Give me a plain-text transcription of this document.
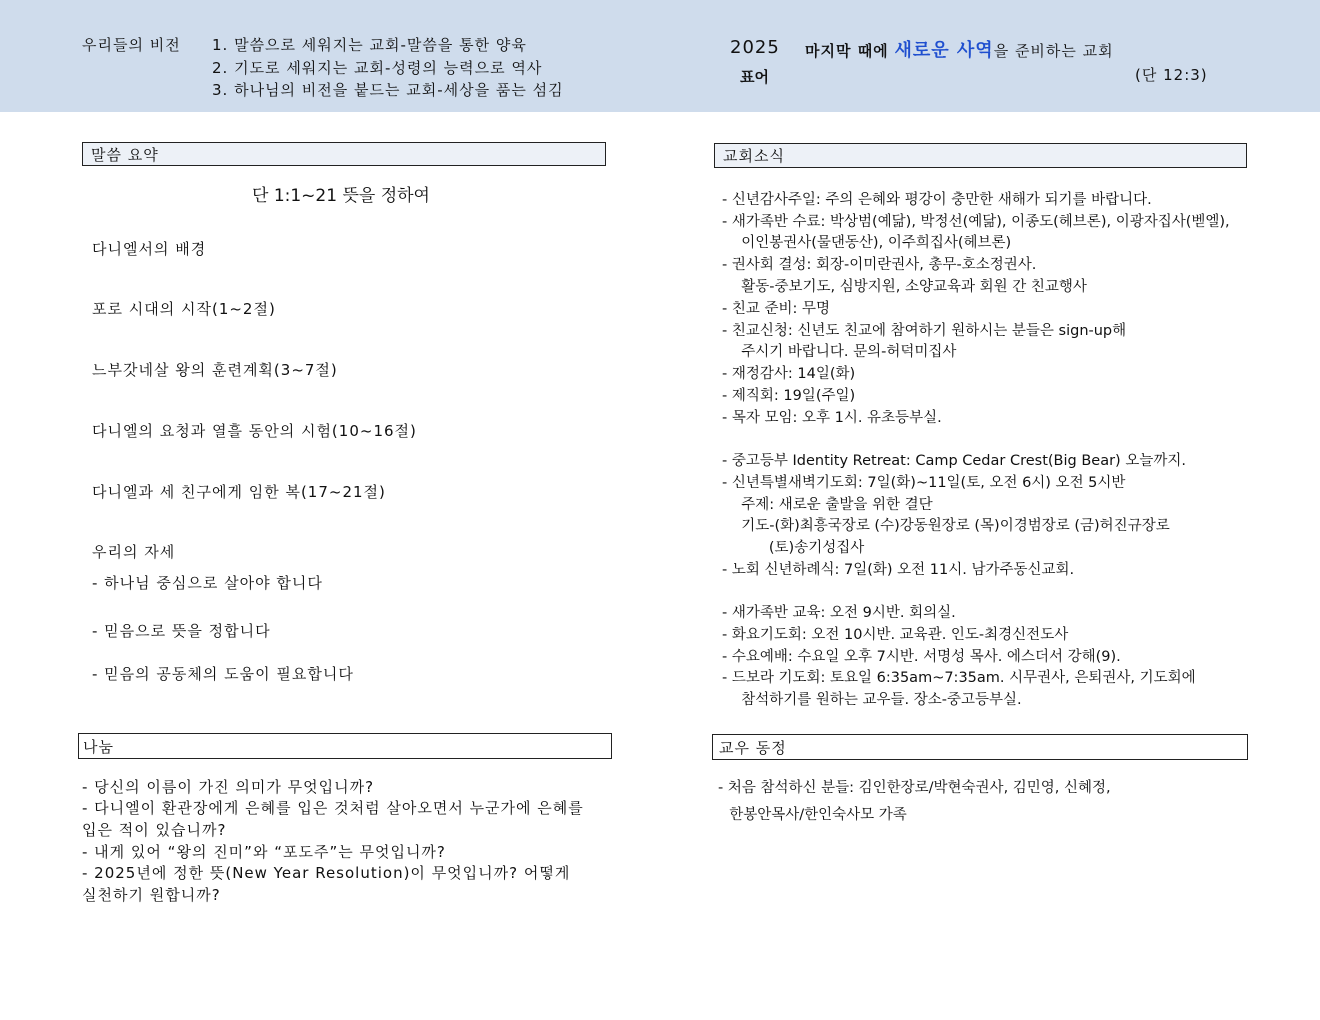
우리들의 비전 1. 말씀으로 세워지는 교회-말씀을 통한 양육
2. 기도로 세워지는 교회-성령의 능력으로 역사
3. 하나님의 비전을 붙드는 교회-세상을 품는 섬김
2025
표어
마지막 때에 새로운 사역을 준비하는 교회
(단 12:3)
말씀 요약
단 1:1~21 뜻을 정하여
다니엘서의 배경
포로 시대의 시작(1~2절)
느부갓네살 왕의 훈련계획(3~7절)
다니엘의 요청과 열흘 동안의 시험(10~16절)
다니엘과 세 친구에게 임한 복(17~21절)
우리의 자세
- 하나님 중심으로 살아야 합니다
- 믿음으로 뜻을 정합니다
- 믿음의 공동체의 도움이 필요합니다
나눔
- 당신의 이름이 가진 의미가 무엇입니까?
- 다니엘이 환관장에게 은혜를 입은 것처럼 살아오면서 누군가에 은혜를
입은 적이 있습니까?
- 내게 있어 “왕의 진미”와 “포도주”는 무엇입니까?
- 2025년에 정한 뜻(New Year Resolution)이 무엇입니까? 어떻게
실천하기 원합니까?
교회소식
- 신년감사주일: 주의 은혜와 평강이 충만한 새해가 되기를 바랍니다.
- 새가족반 수료: 박상범(예닮), 박정선(예닮), 이종도(헤브론), 이광자집사(벧엘),
이인봉권사(물댄동산), 이주희집사(헤브론)
- 권사회 결성: 회장-이미란권사, 총무-호소정권사.
활동-중보기도, 심방지원, 소양교육과 회원 간 친교행사
- 친교 준비: 무명
- 친교신청: 신년도 친교에 참여하기 원하시는 분들은 sign-up해
주시기 바랍니다. 문의-허덕미집사
- 재정감사: 14일(화)
- 제직회: 19일(주일)
- 목자 모임: 오후 1시. 유초등부실.
- 중고등부 Identity Retreat: Camp Cedar Crest(Big Bear) 오늘까지.
- 신년특별새벽기도회: 7일(화)~11일(토, 오전 6시) 오전 5시반
주제: 새로운 출발을 위한 결단
기도-(화)최흥국장로 (수)강동원장로 (목)이경범장로 (금)허진규장로
(토)송기성집사
- 노회 신년하례식: 7일(화) 오전 11시. 남가주동신교회.
- 새가족반 교육: 오전 9시반. 회의실.
- 화요기도회: 오전 10시반. 교육관. 인도-최경신전도사
- 수요예배: 수요일 오후 7시반. 서명성 목사. 에스더서 강해(9).
- 드보라 기도회: 토요일 6:35am~7:35am. 시무권사, 은퇴권사, 기도회에
참석하기를 원하는 교우들. 장소-중고등부실.
교우 동정
- 처음 참석하신 분들: 김인한장로/박현숙권사, 김민영, 신혜정,
한봉안목사/한인숙사모 가족
